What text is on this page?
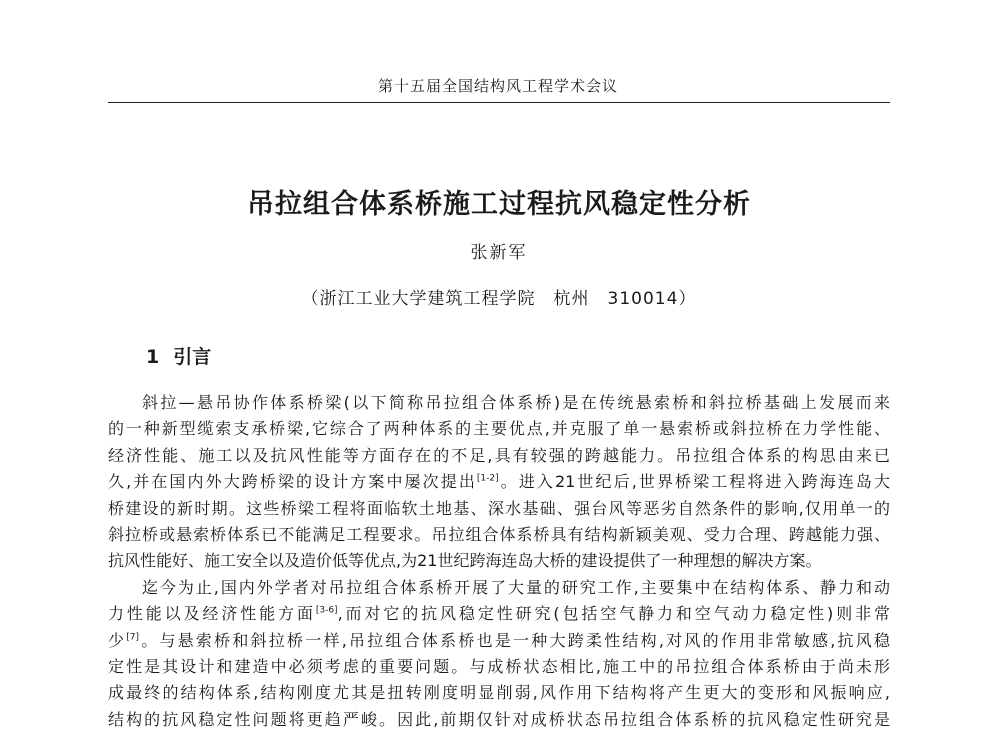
第十五届全国结构风工程学术会议
吊拉组合体系桥施工过程抗风稳定性分析
张新军
（浙江工业大学建筑工程学院　杭州　310014）
1 引言
斜拉—悬吊协作体系桥梁(以下简称吊拉组合体系桥)是在传统悬索桥和斜拉桥基础上发展而来
的一种新型缆索支承桥梁,它综合了两种体系的主要优点,并克服了单一悬索桥或斜拉桥在力学性能、
经济性能、施工以及抗风性能等方面存在的不足,具有较强的跨越能力。吊拉组合体系的构思由来已
久,并在国内外大跨桥梁的设计方案中屡次提出[1-2]。进入21世纪后,世界桥梁工程将进入跨海连岛大
桥建设的新时期。这些桥梁工程将面临软土地基、深水基础、强台风等恶劣自然条件的影响,仅用单一的
斜拉桥或悬索桥体系已不能满足工程要求。吊拉组合体系桥具有结构新颖美观、受力合理、跨越能力强、
抗风性能好、施工安全以及造价低等优点,为21世纪跨海连岛大桥的建设提供了一种理想的解决方案。
迄今为止,国内外学者对吊拉组合体系桥开展了大量的研究工作,主要集中在结构体系、静力和动
力性能以及经济性能方面[3-6],而对它的抗风稳定性研究(包括空气静力和空气动力稳定性)则非常
少[7]。与悬索桥和斜拉桥一样,吊拉组合体系桥也是一种大跨柔性结构,对风的作用非常敏感,抗风稳
定性是其设计和建造中必须考虑的重要问题。与成桥状态相比,施工中的吊拉组合体系桥由于尚未形
成最终的结构体系,结构刚度尤其是扭转刚度明显削弱,风作用下结构将产生更大的变形和风振响应,
结构的抗风稳定性问题将更趋严峻。因此,前期仅针对成桥状态吊拉组合体系桥的抗风稳定性研究是
